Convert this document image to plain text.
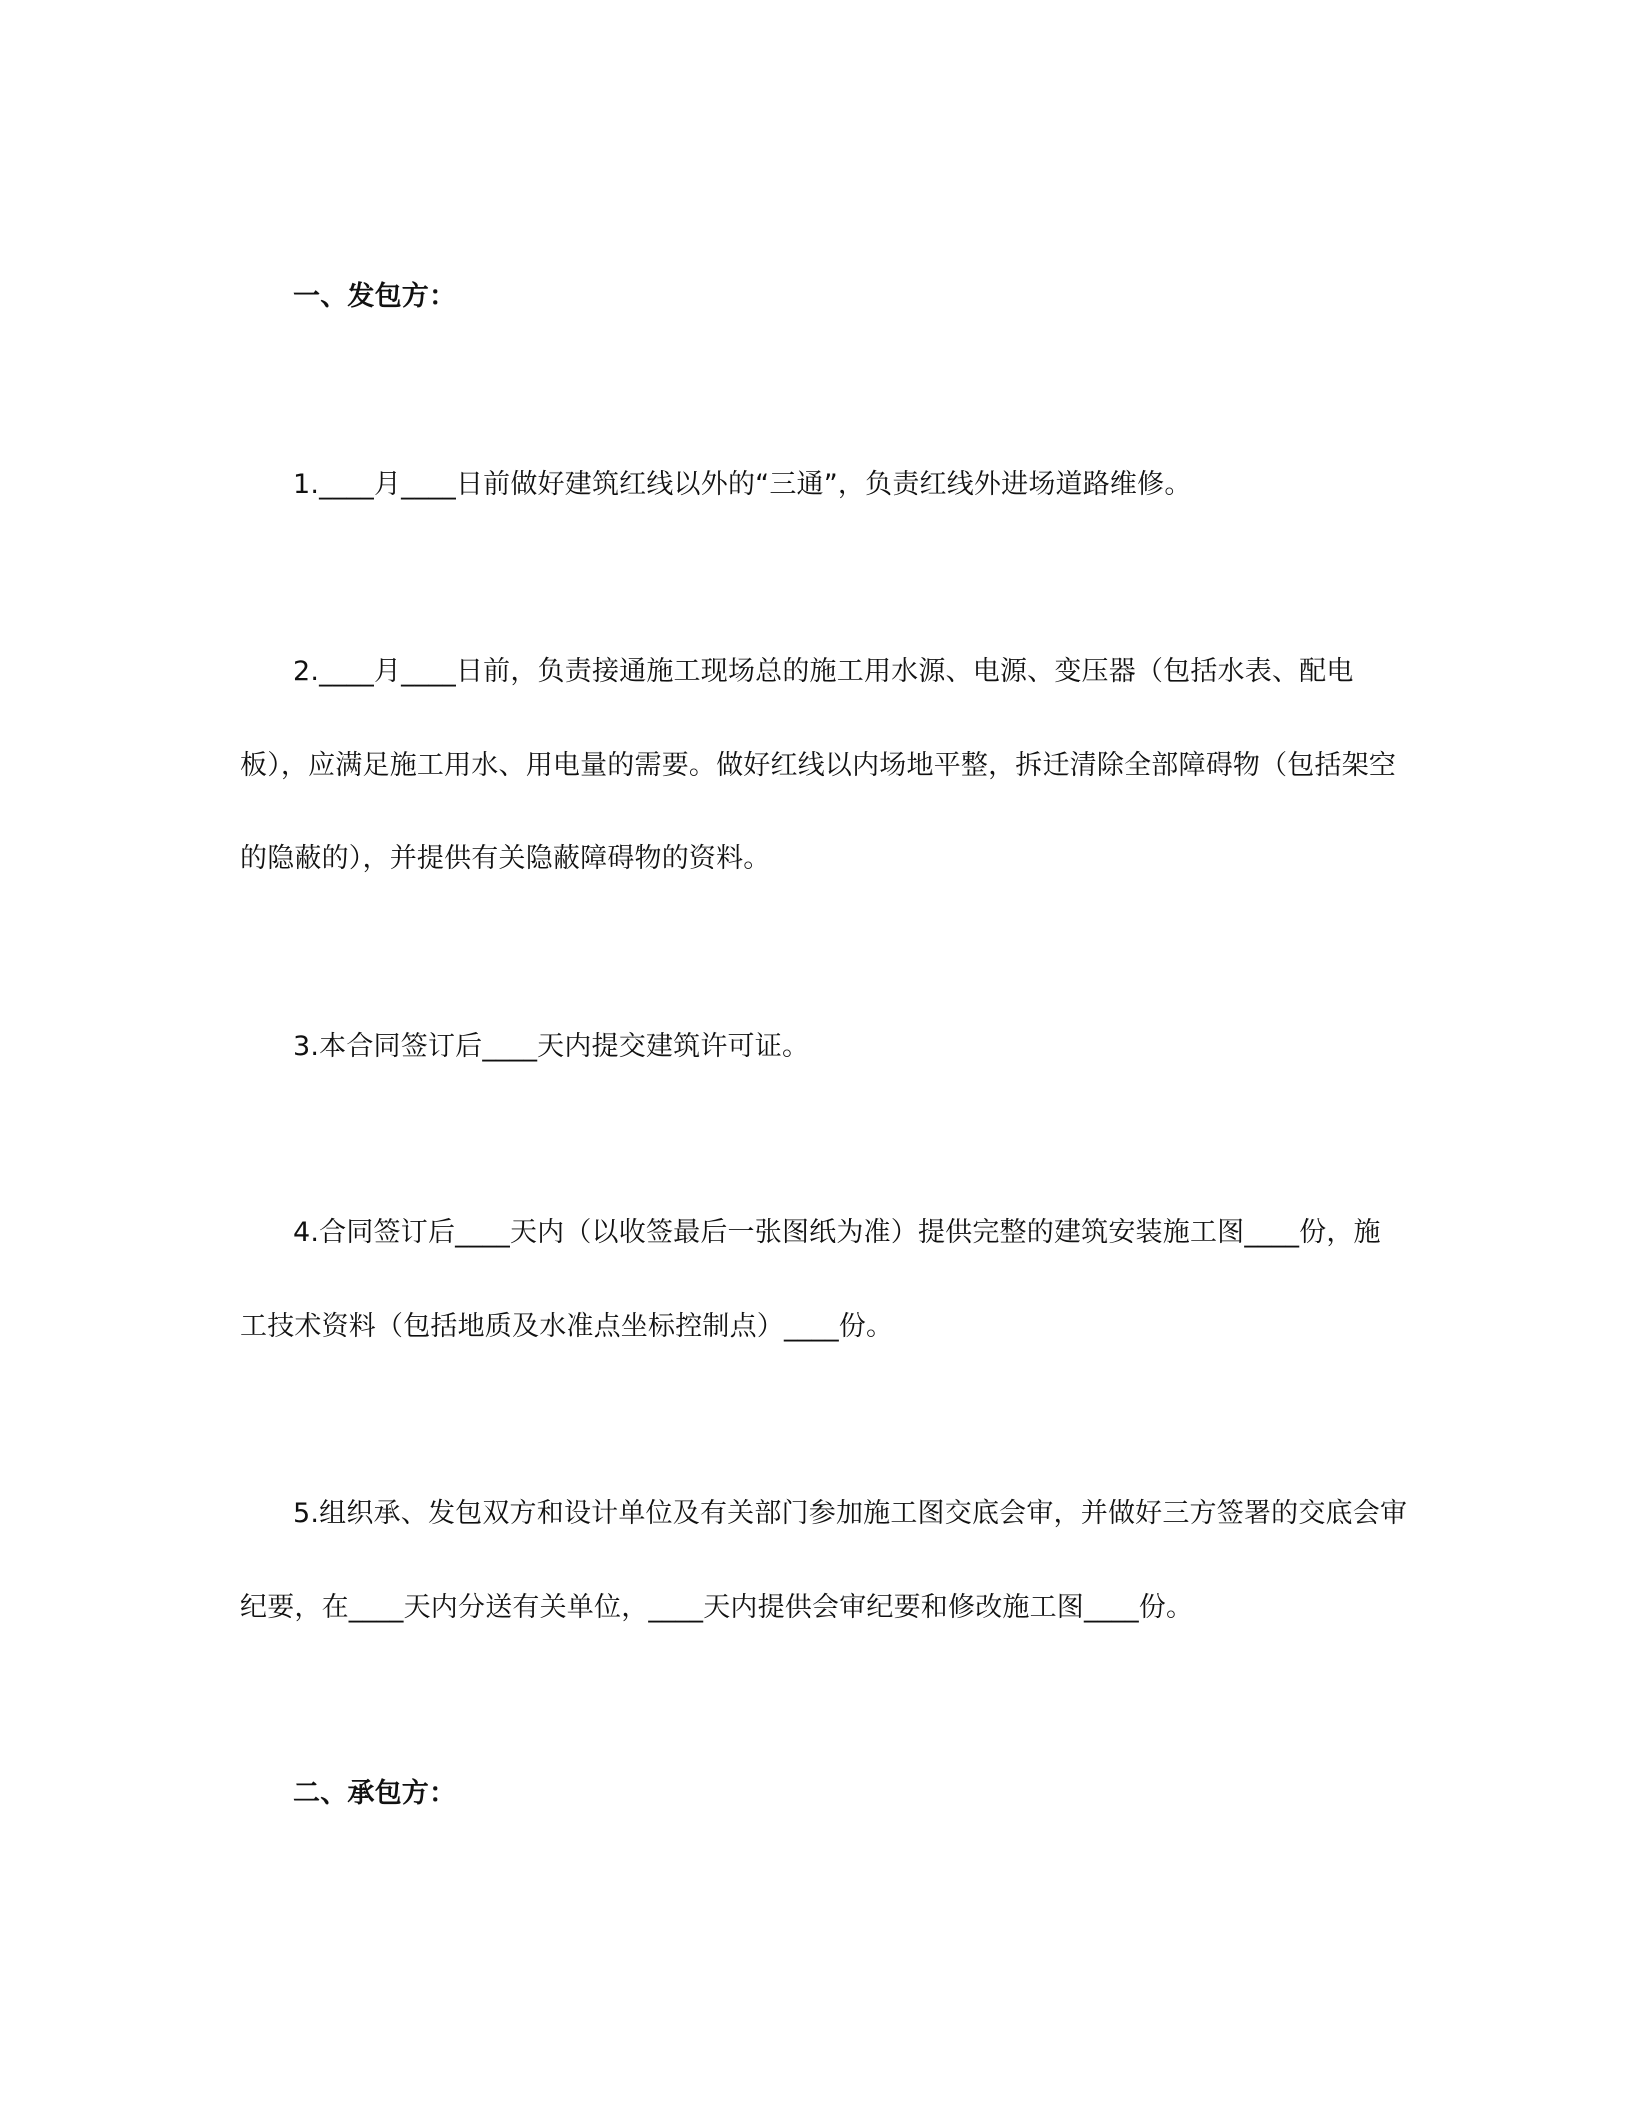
一、发包方：
1.____月____日前做好建筑红线以外的“三通”，负责红线外进场道路维修。
2.____月____日前，负责接通施工现场总的施工用水源、电源、变压器（包括水表、配电
板），应满足施工用水、用电量的需要。做好红线以内场地平整，拆迁清除全部障碍物（包括架空
的隐蔽的），并提供有关隐蔽障碍物的资料。
3.本合同签订后____天内提交建筑许可证。
4.合同签订后____天内（以收签最后一张图纸为准）提供完整的建筑安装施工图____份，施
工技术资料（包括地质及水准点坐标控制点）____份。
5.组织承、发包双方和设计单位及有关部门参加施工图交底会审，并做好三方签署的交底会审
纪要，在____天内分送有关单位，____天内提供会审纪要和修改施工图____份。
二、承包方：
